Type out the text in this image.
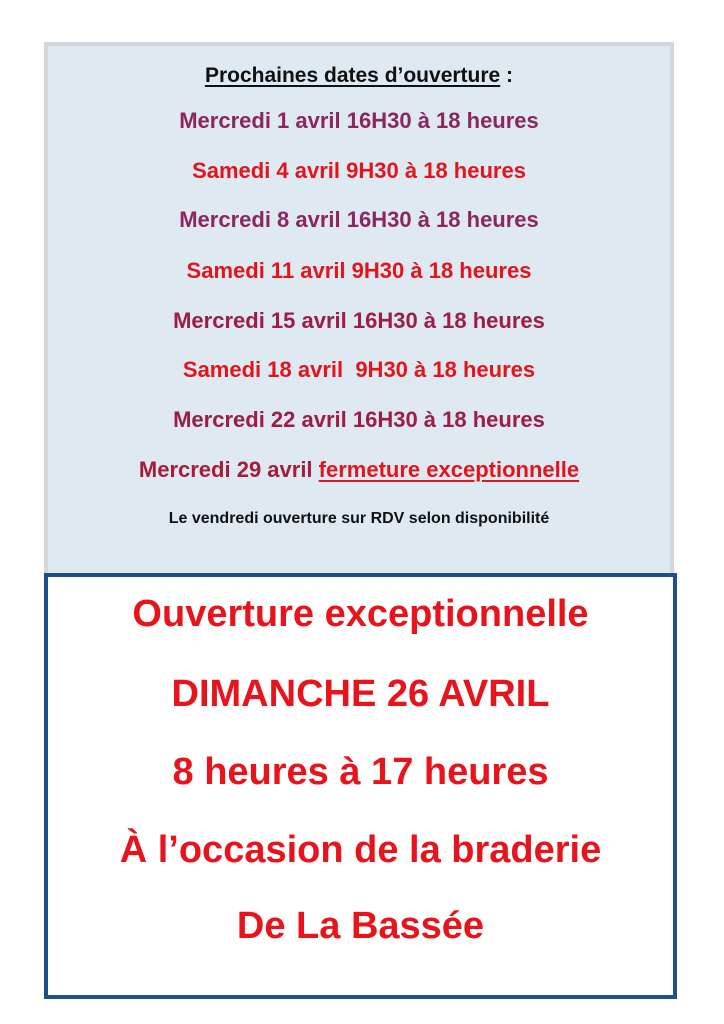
Prochaines dates d’ouverture :
Mercredi 1 avril 16H30 à 18 heures
Samedi 4 avril 9H30 à 18 heures
Mercredi 8 avril 16H30 à 18 heures
Samedi 11 avril 9H30 à 18 heures
Mercredi 15 avril 16H30 à 18 heures
Samedi 18 avril  9H30 à 18 heures
Mercredi 22 avril 16H30 à 18 heures
Mercredi 29 avril fermeture exceptionnelle
Le vendredi ouverture sur RDV selon disponibilité
Ouverture exceptionnelle
DIMANCHE 26 AVRIL
8 heures à 17 heures
À l’occasion de la braderie
De La Bassée
